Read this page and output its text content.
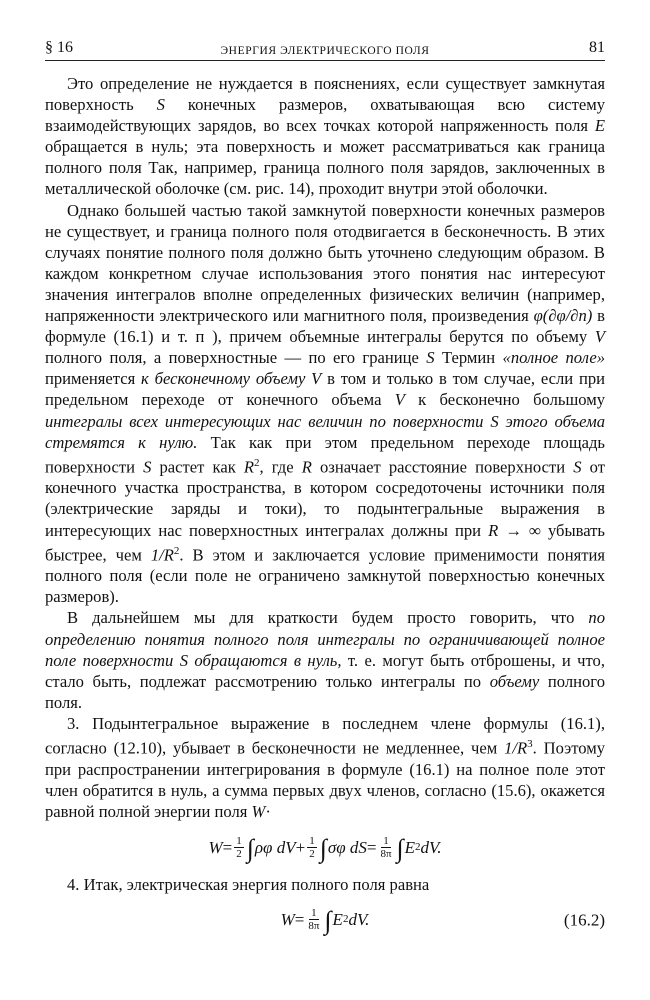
§ 16	ЭНЕРГИЯ ЭЛЕКТРИЧЕСКОГО ПОЛЯ	81

Это определение не нуждается в пояснениях, если существует замкнутая поверхность S конечных размеров, охватывающая всю систему взаимодействующих зарядов, во всех точках которой напряженность поля E обращается в нуль; эта поверхность и может рассматриваться как граница полного поля Так, например, граница полного поля зарядов, заключенных в металлической оболочке (см. рис. 14), проходит внутри этой оболочки.

Однако большей частью такой замкнутой поверхности конечных размеров не существует, и граница полного поля отодвигается в бесконечность. В этих случаях понятие полного поля должно быть уточнено следующим образом. В каждом конкретном случае использования этого понятия нас интересуют значения интегралов вполне определенных физических величин (например, напряженности электрического или магнитного поля, произведения φ(∂φ/∂n) в формуле (16.1) и т. п ), причем объемные интегралы берутся по объему V полного поля, а поверхностные — по его границе S Термин «полное поле» применяется к бесконечному объему V в том и только в том случае, если при предельном переходе от конечного объема V к бесконечно большому интегралы всех интересующих нас величин по поверхности S этого объема стремятся к нулю. Так как при этом предельном переходе площадь поверхности S растет как $R^2$, где R означает расстояние поверхности S от конечного участка пространства, в котором сосредоточены источники поля (электрические заряды и токи), то подынтегральные выражения в интересующих нас поверхностных интегралах должны при R → ∞ убывать быстрее, чем $1/R^2$. В этом и заключается условие применимости понятия полного поля (если поле не ограничено замкнутой поверхностью конечных размеров).

В дальнейшем мы для краткости будем просто говорить, что по определению понятия полного поля интегралы по ограничивающей полное поле поверхности S обращаются в нуль, т. е. могут быть отброшены, и что, стало быть, подлежат рассмотрению только интегралы по объему полного поля.

3. Подынтегральное выражение в последнем члене формулы (16.1), согласно (12.10), убывает в бесконечности не медленнее, чем $1/R^3$. Поэтому при распространении интегрирования в формуле (16.1) на полное поле этот член обратится в нуль, а сумма первых двух членов, согласно (15.6), окажется равной полной энергии поля W·

$W = \frac{1}{2}$ ∫ ρφ dV + $\frac{1}{2}$ ∫ σφ dS = $\frac{1}{8\pi}$ ∫ E 2 dV.

4. Итак, электрическая энергия полного поля равна

$W = \frac{1}{8\pi}$ ∫ E 2 dV.	(16.2)
